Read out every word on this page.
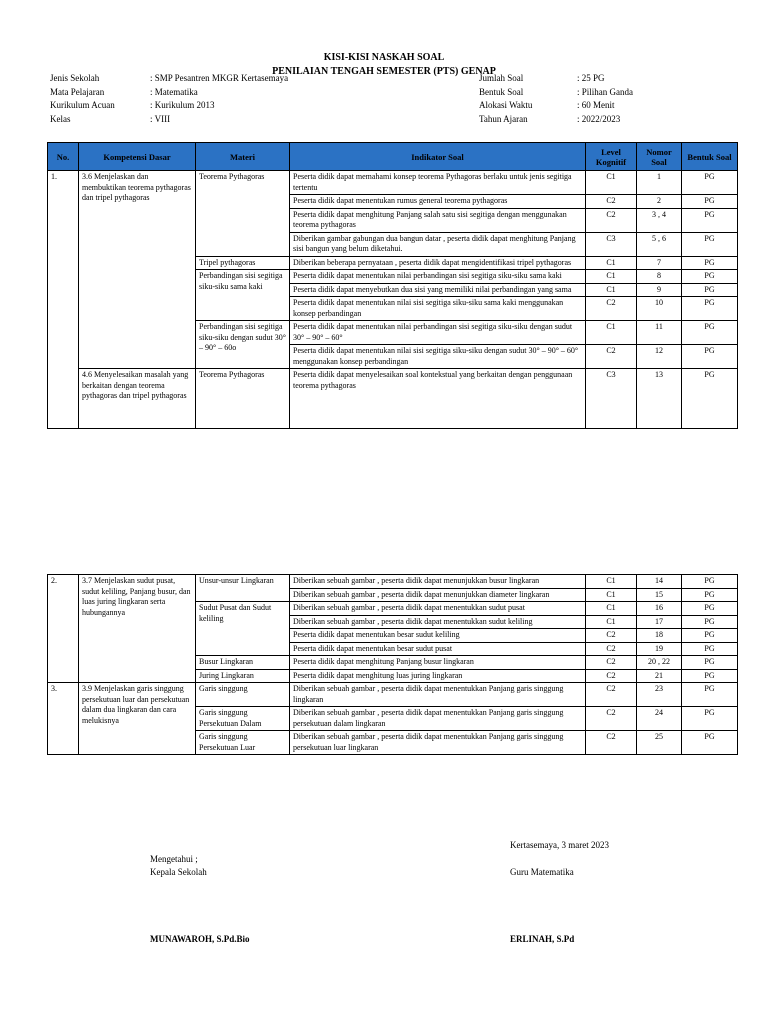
KISI-KISI NASKAH SOAL
PENILAIAN TENGAH SEMESTER (PTS) GENAP
Jenis Sekolah	: SMP Pesantren MKGR Kertasemaya
Mata Pelajaran	: Matematika
Kurikulum Acuan	: Kurikulum 2013
Kelas	: VIII
Jumlah Soal	: 25 PG
Bentuk Soal	: Pilihan Ganda
Alokasi Waktu	: 60 Menit
Tahun Ajaran	: 2022/2023
No.	Kompetensi Dasar	Materi	Indikator Soal	Level Kognitif	Nomor Soal	Bentuk Soal
1.	3.6 Menjelaskan dan membuktikan teorema pythagoras dan tripel pythagoras	Teorema Pythagoras	Peserta didik dapat memahami konsep teorema Pythagoras berlaku untuk jenis segitiga tertentu	C1	1	PG
			Peserta didik dapat menentukan rumus general teorema pythagoras	C2	2	PG
			Peserta didik dapat menghitung Panjang salah satu sisi segitiga dengan menggunakan teorema pythagoras	C2	3 , 4	PG
			Diberikan gambar gabungan dua bangun datar , peserta didik dapat menghitung Panjang sisi bangun yang belum diketahui.	C3	5 , 6	PG
		Tripel pythagoras	Diberikan beberapa pernyataan , peserta didik dapat mengidentifikasi tripel pythagoras	C1	7	PG
		Perbandingan sisi segitiga siku-siku sama kaki	Peserta didik dapat menentukan nilai perbandingan sisi segitiga siku-siku sama kaki	C1	8	PG
			Peserta didik dapat menyebutkan dua sisi yang memiliki nilai perbandingan yang sama	C1	9	PG
			Peserta didik dapat menentukan nilai sisi segitiga siku-siku sama kaki menggunakan konsep perbandingan	C2	10	PG
		Perbandingan sisi segitiga siku-siku dengan sudut 30° – 90° – 60o	Peserta didik dapat menentukan nilai perbandingan sisi segitiga siku-siku dengan sudut 30° – 90° – 60°	C1	11	PG
			Peserta didik dapat menentukan nilai sisi segitiga siku-siku dengan sudut 30° – 90° – 60° menggunakan konsep perbandingan	C2	12	PG
	4.6 Menyelesaikan masalah yang berkaitan dengan teorema pythagoras dan tripel pythagoras	Teorema Pythagoras	Peserta didik dapat menyelesaikan soal kontekstual yang berkaitan dengan penggunaan teorema pythagoras	C3	13	PG
2.	3.7 Menjelaskan sudut pusat, sudut keliling, Panjang busur, dan luas juring lingkaran serta hubungannya	Unsur-unsur Lingkaran	Diberikan sebuah gambar , peserta didik dapat menunjukkan busur lingkaran	C1	14	PG
			Diberikan sebuah gambar , peserta didik dapat menunjukkan diameter lingkaran	C1	15	PG
		Sudut Pusat dan Sudut keliling	Diberikan sebuah gambar , peserta didik dapat menentukkan sudut pusat	C1	16	PG
			Diberikan sebuah gambar , peserta didik dapat menentukkan sudut keliling	C1	17	PG
			Peserta didik dapat menentukan besar sudut keliling	C2	18	PG
			Peserta didik dapat menentukan besar sudut pusat	C2	19	PG
		Busur Lingkaran	Peserta didik dapat menghitung Panjang busur lingkaran	C2	20 , 22	PG
		Juring Lingkaran	Peserta didik dapat menghitung luas juring lingkaran	C2	21	PG
3.	3.9 Menjelaskan garis singgung persekutuan luar dan persekutuan dalam dua lingkaran dan cara melukisnya	Garis singgung	Diberikan sebuah gambar , peserta didik dapat menentukkan Panjang garis singgung lingkaran	C2	23	PG
		Garis singgung Persekutuan Dalam	Diberikan sebuah gambar , peserta didik dapat menentukkan Panjang garis singgung persekutuan dalam lingkaran	C2	24	PG
		Garis singgung Persekutuan Luar	Diberikan sebuah gambar , peserta didik dapat menentukkan Panjang garis singgung persekutuan luar lingkaran	C2	25	PG
Kertasemaya, 3 maret 2023
Mengetahui ;
Kepala Sekolah	Guru Matematika
MUNAWAROH, S.Pd.Bio	ERLINAH, S.Pd
